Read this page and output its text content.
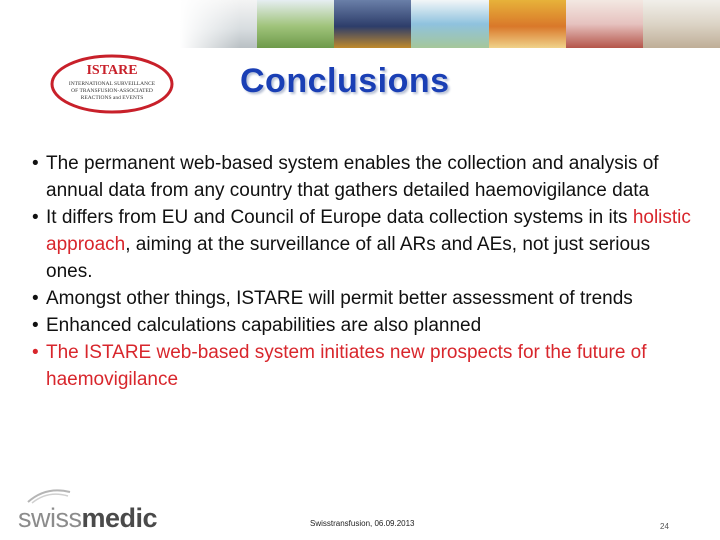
ISTARE
INTERNATIONAL SURVEILLANCE
OF TRANSFUSION-ASSOCIATED
REACTIONS and EVENTS	Conclusions

• The permanent web-based system enables the collection and analysis of annual data from any country that gathers detailed haemovigilance data

• It differs from EU and Council of Europe data collection systems in its holistic approach, aiming at the surveillance of all ARs and AEs, not just serious ones.

• Amongst other things, ISTARE will permit better assessment of trends

• Enhanced calculations capabilities are also planned

• The ISTARE web-based system initiates new prospects for the future of haemovigilance

swiss medic	Swisstransfusion, 06.09.2013	24
